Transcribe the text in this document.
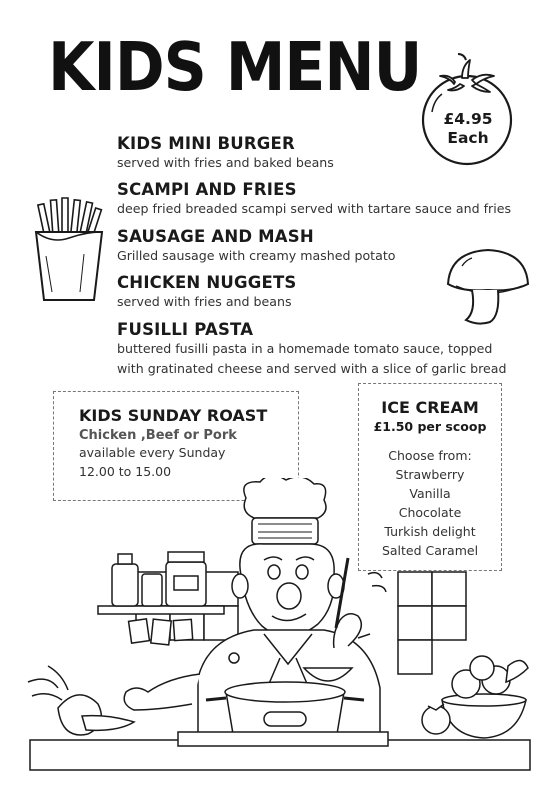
KIDS MENU
£4.95
Each
KIDS MINI BURGER
served with fries and baked beans
SCAMPI AND FRIES
deep fried breaded scampi served with tartare sauce and fries
SAUSAGE AND MASH
Grilled sausage with creamy mashed potato
CHICKEN NUGGETS
served with fries and beans
FUSILLI PASTA
buttered fusilli pasta in a homemade tomato sauce, topped
with gratinated cheese and served with a slice of garlic bread
KIDS SUNDAY ROAST
Chicken ,Beef or Pork
available every Sunday
12.00 to 15.00
ICE CREAM
£1.50 per scoop
Choose from:
Strawberry
Vanilla
Chocolate
Turkish delight
Salted Caramel
